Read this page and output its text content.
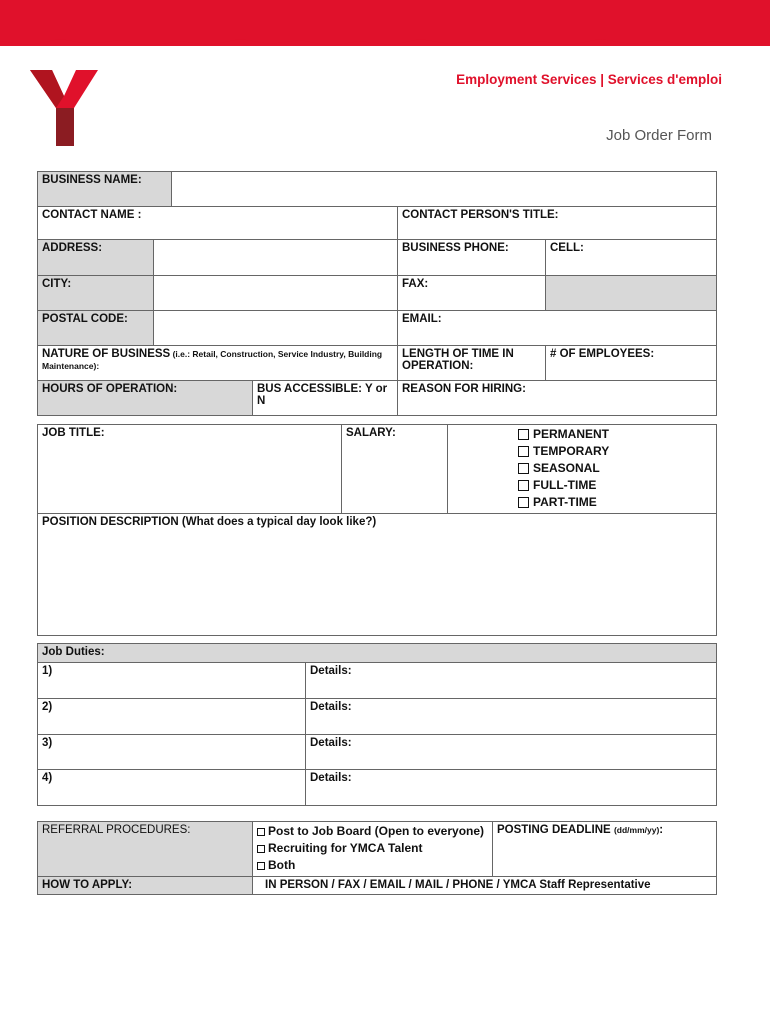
Employment Services | Services d'emploi
Job Order Form
BUSINESS NAME:					
CONTACT NAME :				CONTACT PERSON'S TITLE:	
ADDRESS:				BUSINESS PHONE:	CELL:
CITY:				FAX:	
POSTAL CODE:				EMAIL:	
NATURE OF BUSINESS (i.e.: Retail, Construction, Service Industry, Building Maintenance):				LENGTH OF TIME IN OPERATION:	# OF EMPLOYEES:
HOURS OF OPERATION:			BUS ACCESSIBLE: Y or N	REASON FOR HIRING:	
JOB TITLE:	SALARY:	PERMANENT
TEMPORARY
SEASONAL
FULL-TIME
PART-TIME

POSITION DESCRIPTION (What does a typical day look like?)
Job Duties:	
1)	Details:
2)	Details:
3)	Details:
4)	Details:
REFERRAL PROCEDURES:	Post to Job Board (Open to everyone)
Recruiting for YMCA Talent
Both	POSTING DEADLINE (dd/mm/yy):
HOW TO APPLY:	IN PERSON / FAX / EMAIL / MAIL / PHONE / YMCA Staff Representative	
